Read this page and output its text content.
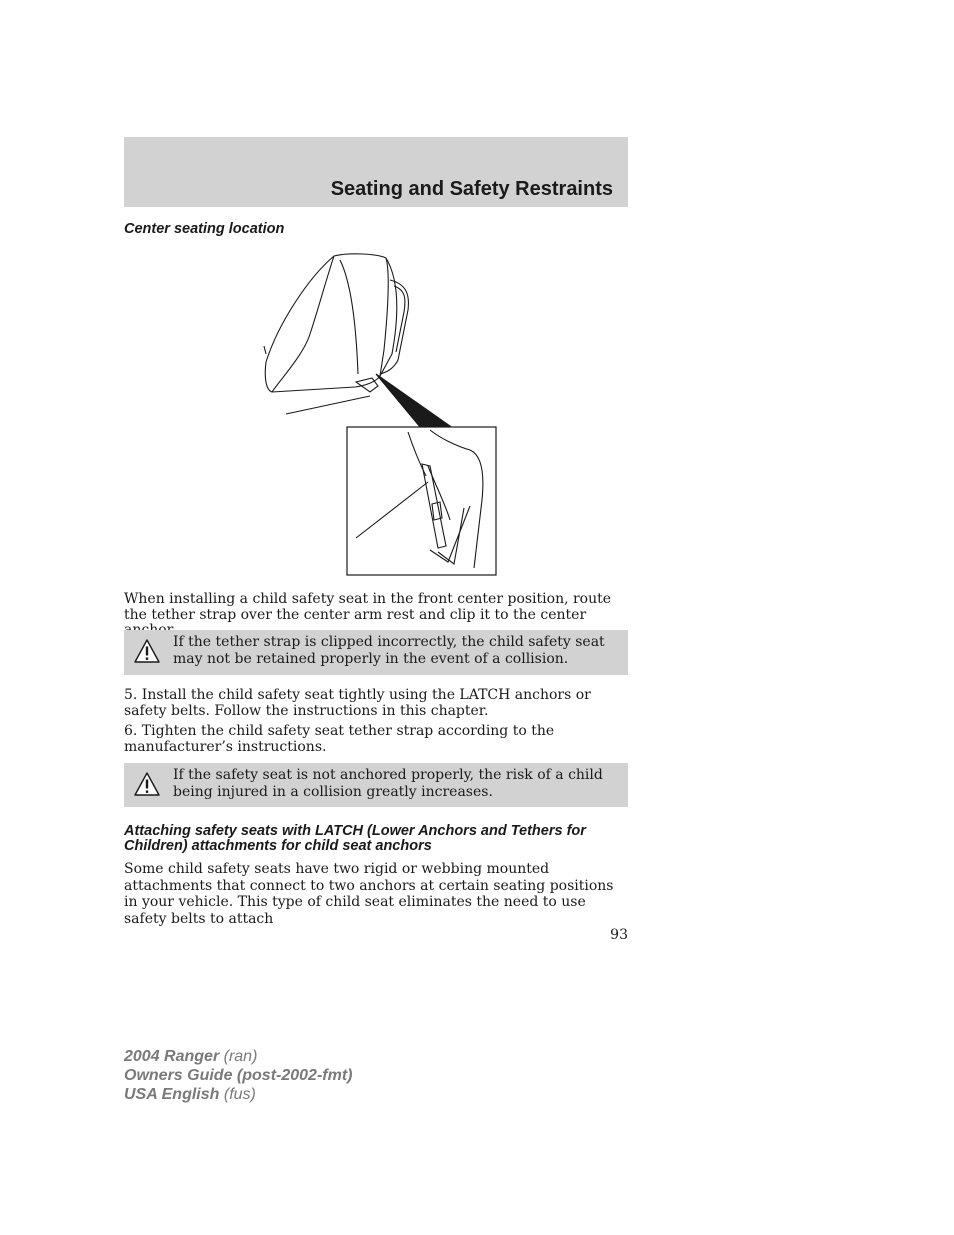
Seating and Safety Restraints
Center seating location
When installing a child safety seat in the front center position, route the tether strap over the center arm rest and clip it to the center
If the tether strap is clipped incorrectly, the child safety seat may not be retained properly in the event of a collision.
5. Install the child safety seat tightly using the LATCH anchors or safety belts. Follow the instructions in this chapter.
6. Tighten the child safety seat tether strap according to the manufacturer’s instructions.
If the safety seat is not anchored properly, the risk of a child being injured in a collision greatly increases.
Attaching safety seats with LATCH (Lower Anchors and Tethers for Children) attachments for child seat anchors
Some child safety seats have two rigid or webbing mounted attachments that connect to two anchors at certain seating positions in your vehicle. This type of child seat eliminates the need to use safety belts to attach
93
2004 Ranger (ran)
Owners Guide (post-2002-fmt)
USA English (fus)
